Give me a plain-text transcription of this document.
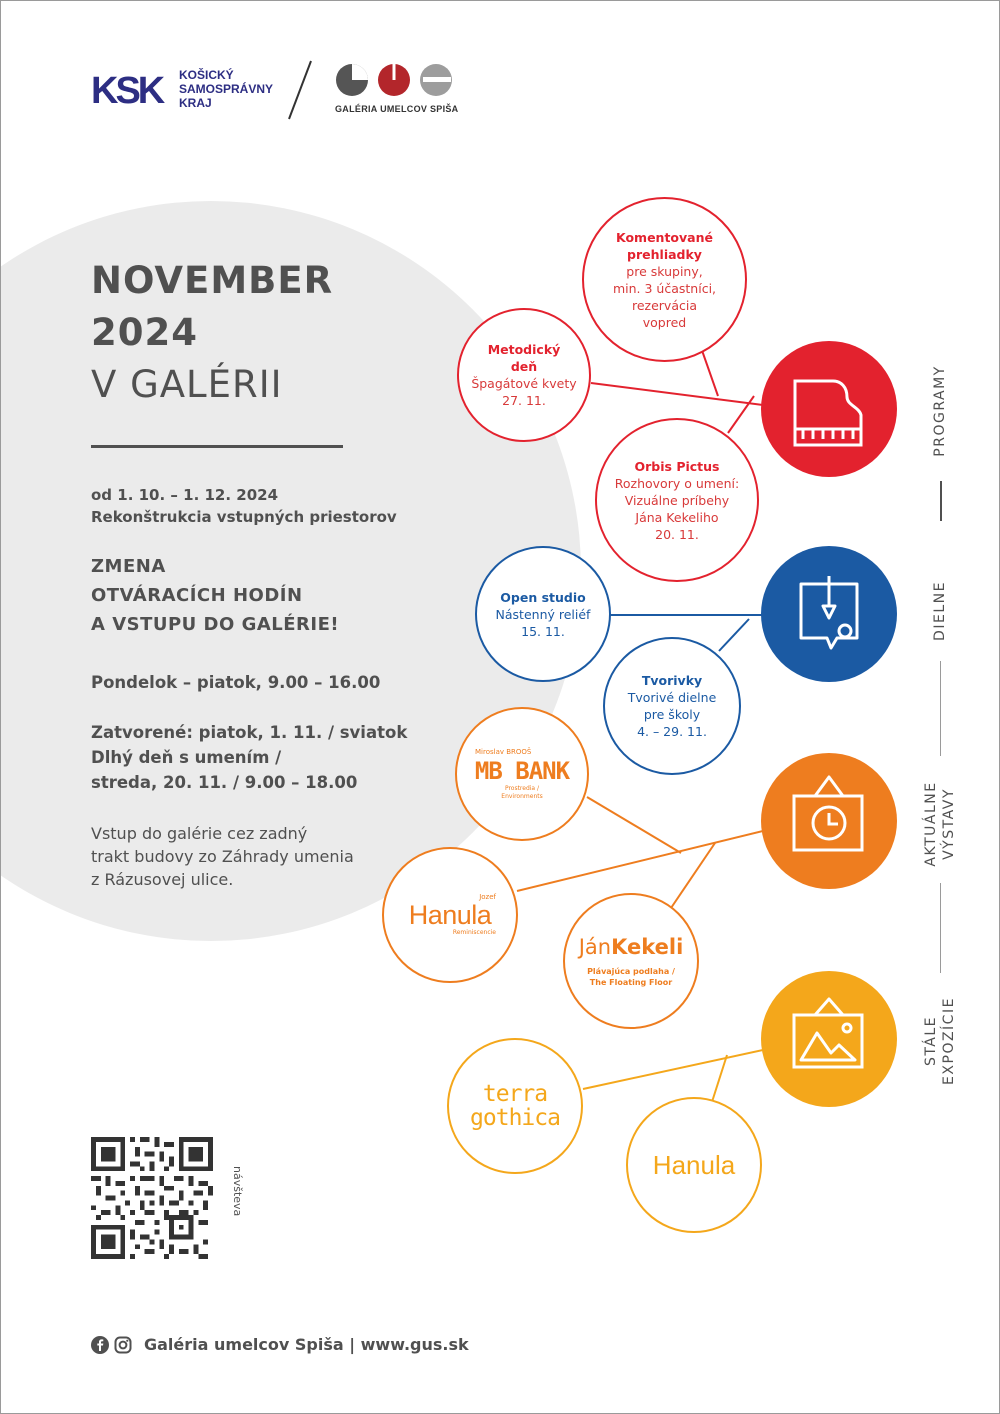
KSK KOŠICKÝ
SAMOSPRÁVNY
KRAJ	GALÉRIA UMELCOV SPIŠA
NOVEMBER
2024
V GALÉRII
od 1. 10. – 1. 12. 2024
Rekonštrukcia vstupných priestorov
ZMENA
OTVÁRACÍCH HODÍN
A VSTUPU DO GALÉRIE!
Pondelok – piatok, 9.00 – 16.00
Zatvorené: piatok, 1. 11. / sviatok
Dlhý deň s umením /
streda, 20. 11. / 9.00 – 18.00
Vstup do galérie cez zadný
trakt budovy zo Záhrady umenia
z Rázusovej ulice.
Komentované
prehliadky
pre skupiny,
min. 3 účastníci,
rezervácia
vopred
Metodický
deň
Špagátové kvety
27. 11.
Orbis Pictus
Rozhovory o umení:
Vizuálne príbehy
Jána Kekeliho
20. 11.
Open studio
Nástenný reliéf
15. 11.
Tvorivky
Tvorivé dielne
pre školy
4. – 29. 11.
Miroslav BROOŠ
MB BANK
Prostredia /
Environments
Jozef
Hanula
Reminiscencie
JánKekeli
Plávajúca podlaha /
The Floating Floor
terra
gothica
Hanula
PROGRAMY
DIELNE
AKTUÁLNE VÝSTAVY
STÁLE EXPOZÍCIE
návšteva
Galéria umelcov Spiša | www.gus.sk
